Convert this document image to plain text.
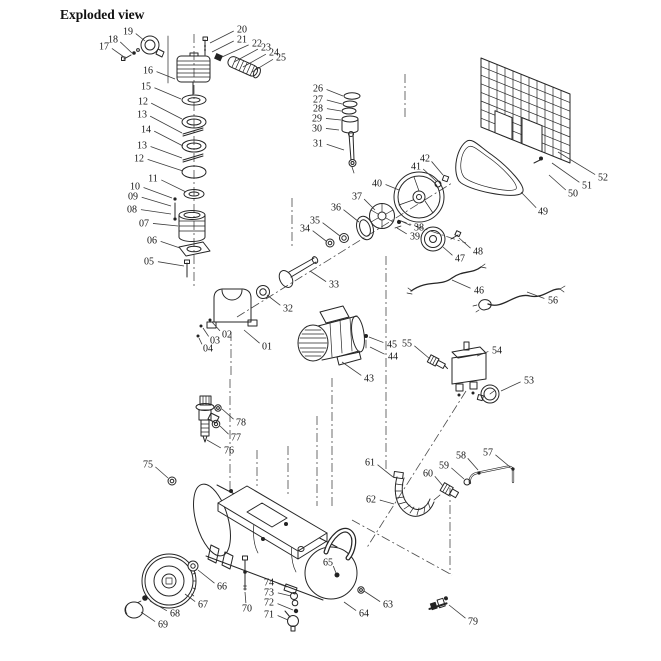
Exploded view
17
18
19	20
21 22 23
24
25
16
15
12
13
14
13
12
11
10
09
08
07
06
05
26
27
28
29
30
31
34
35
36
37
40
41
42
38
39
47
48
49
50
51
52
46
56
32
33
01
02
03
04
43
45 55
44
54
53
75
78
77
76
61
57
58
59
60
62
65
66
67
68
69
70
74
73
72
71
63
64
79
